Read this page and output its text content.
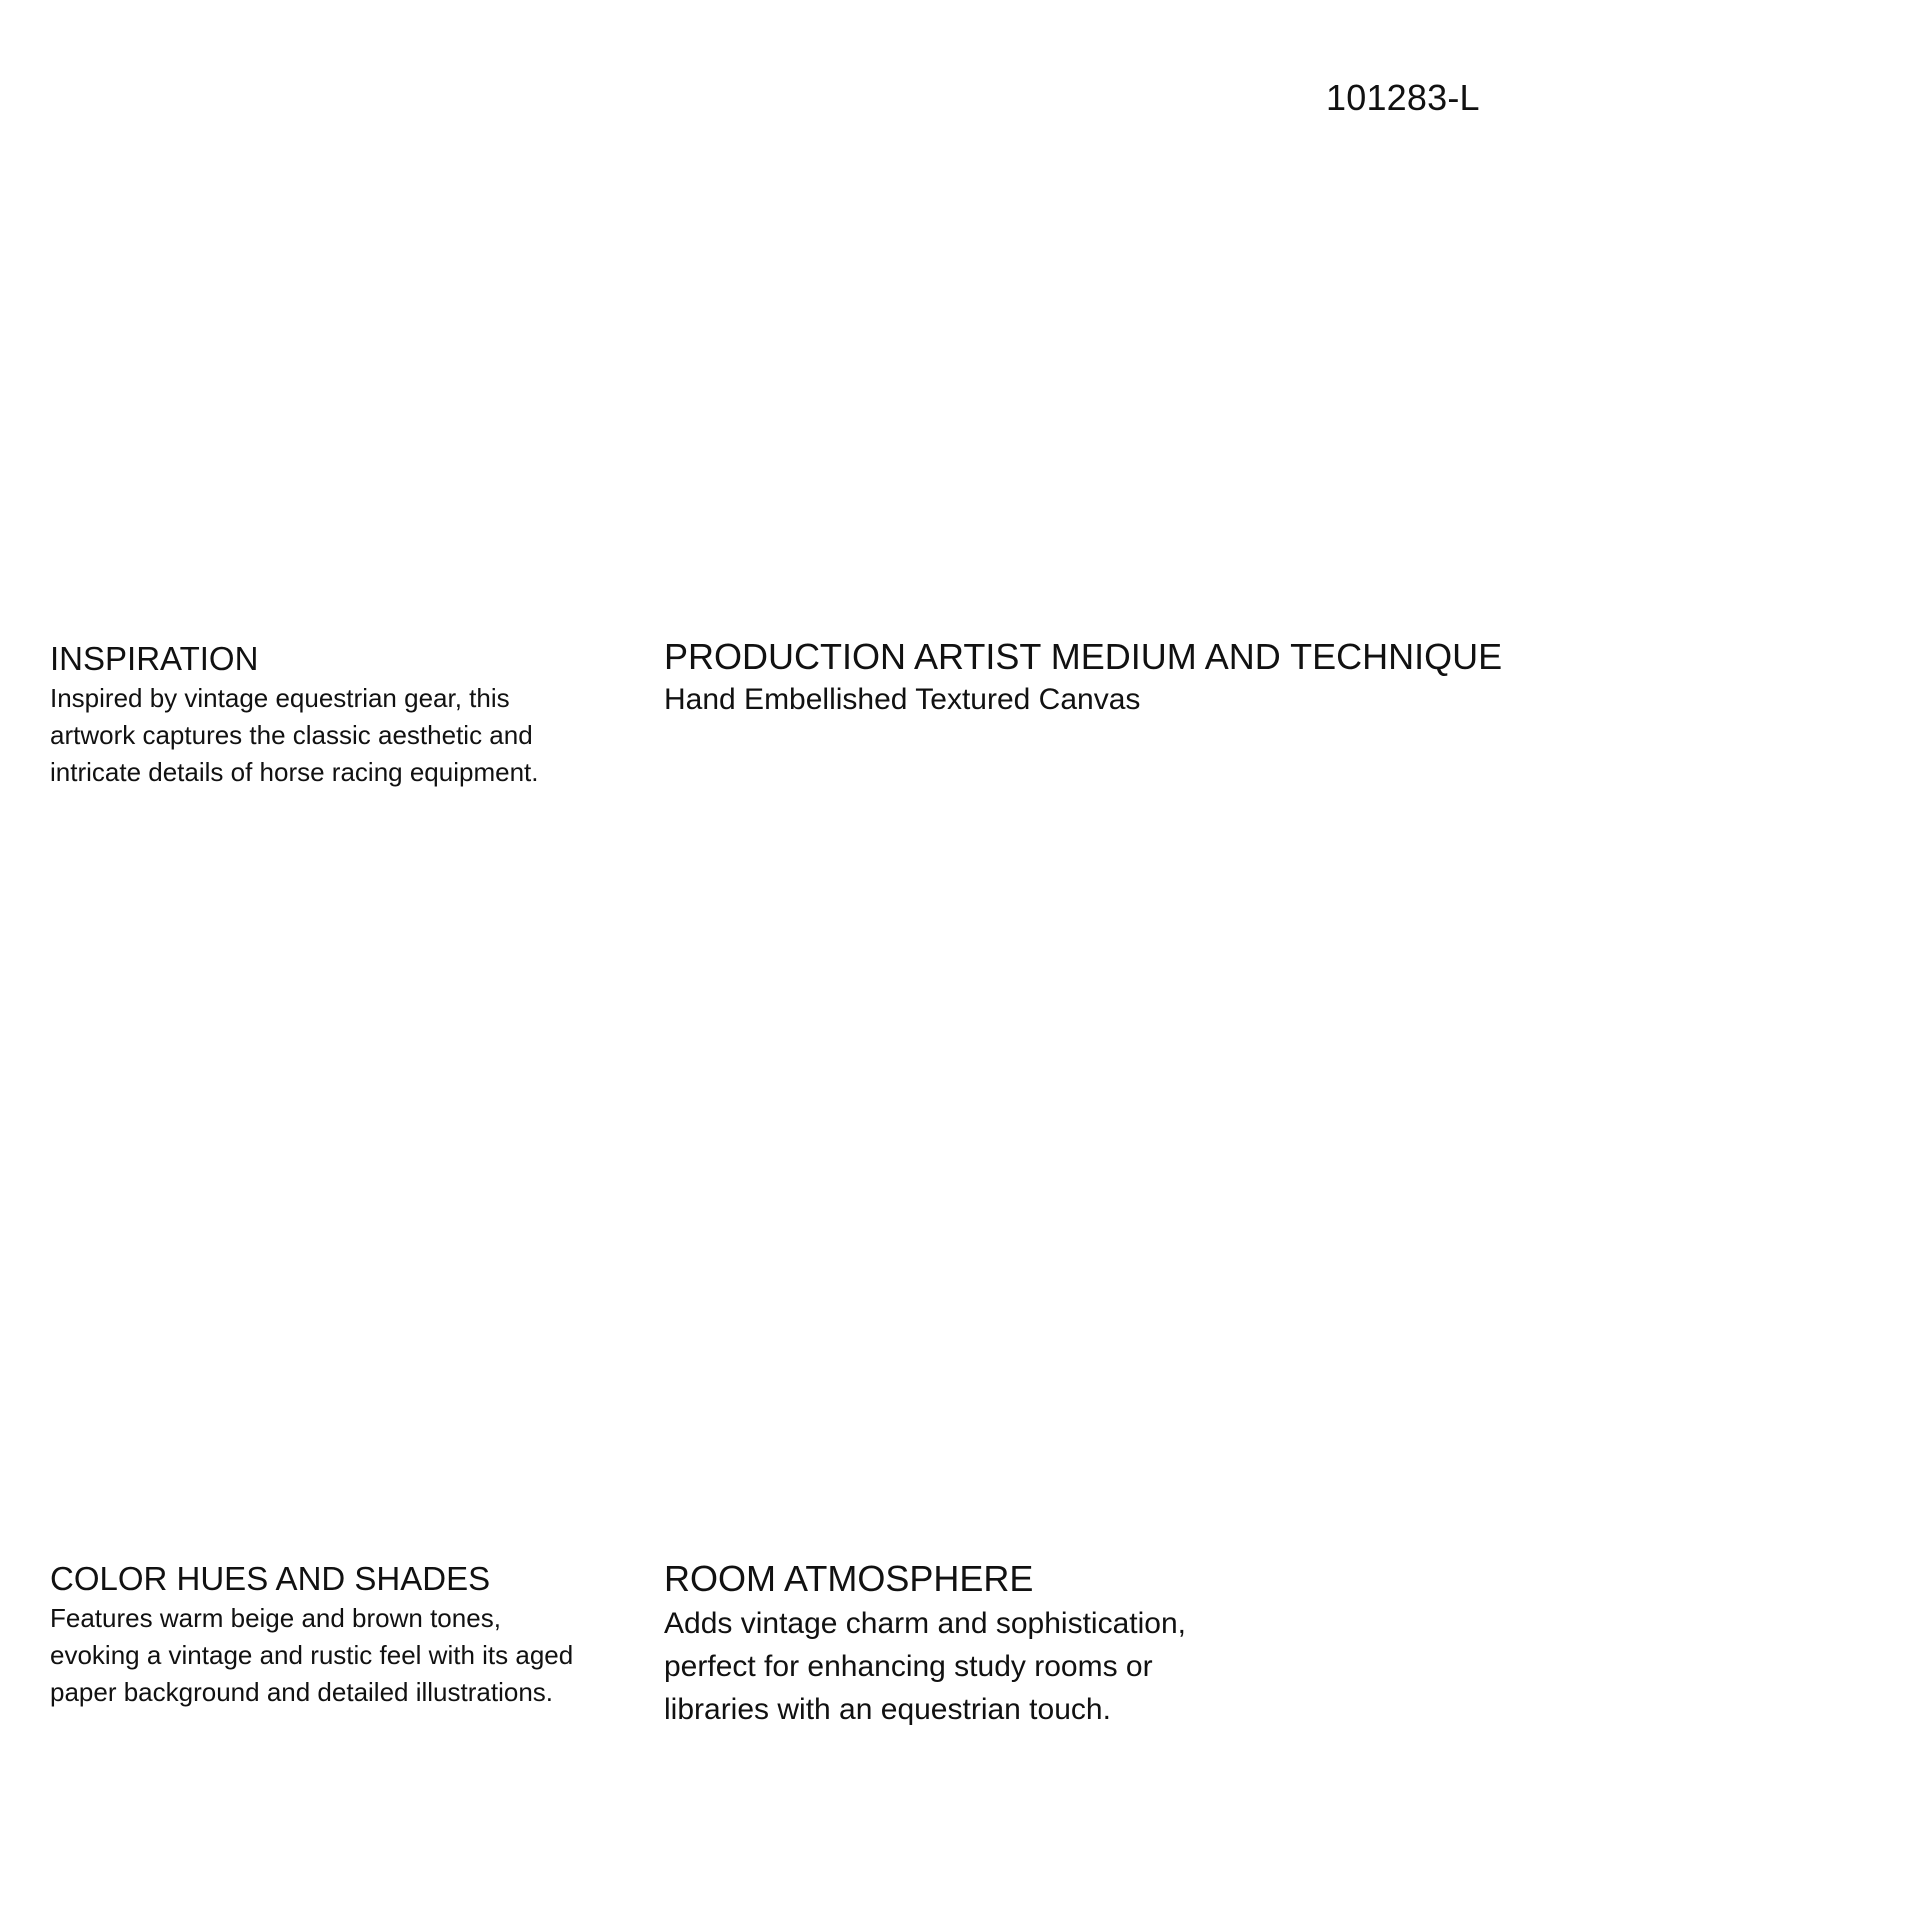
101283-L
INSPIRATION

Inspired by vintage equestrian gear, this
artwork captures the classic aesthetic and
intricate details of horse racing equipment.

PRODUCTION ARTIST MEDIUM AND TECHNIQUE

Hand Embellished Textured Canvas

COLOR HUES AND SHADES

Features warm beige and brown tones,
evoking a vintage and rustic feel with its aged
paper background and detailed illustrations.

ROOM ATMOSPHERE

Adds vintage charm and sophistication,
perfect for enhancing study rooms or
libraries with an equestrian touch.
